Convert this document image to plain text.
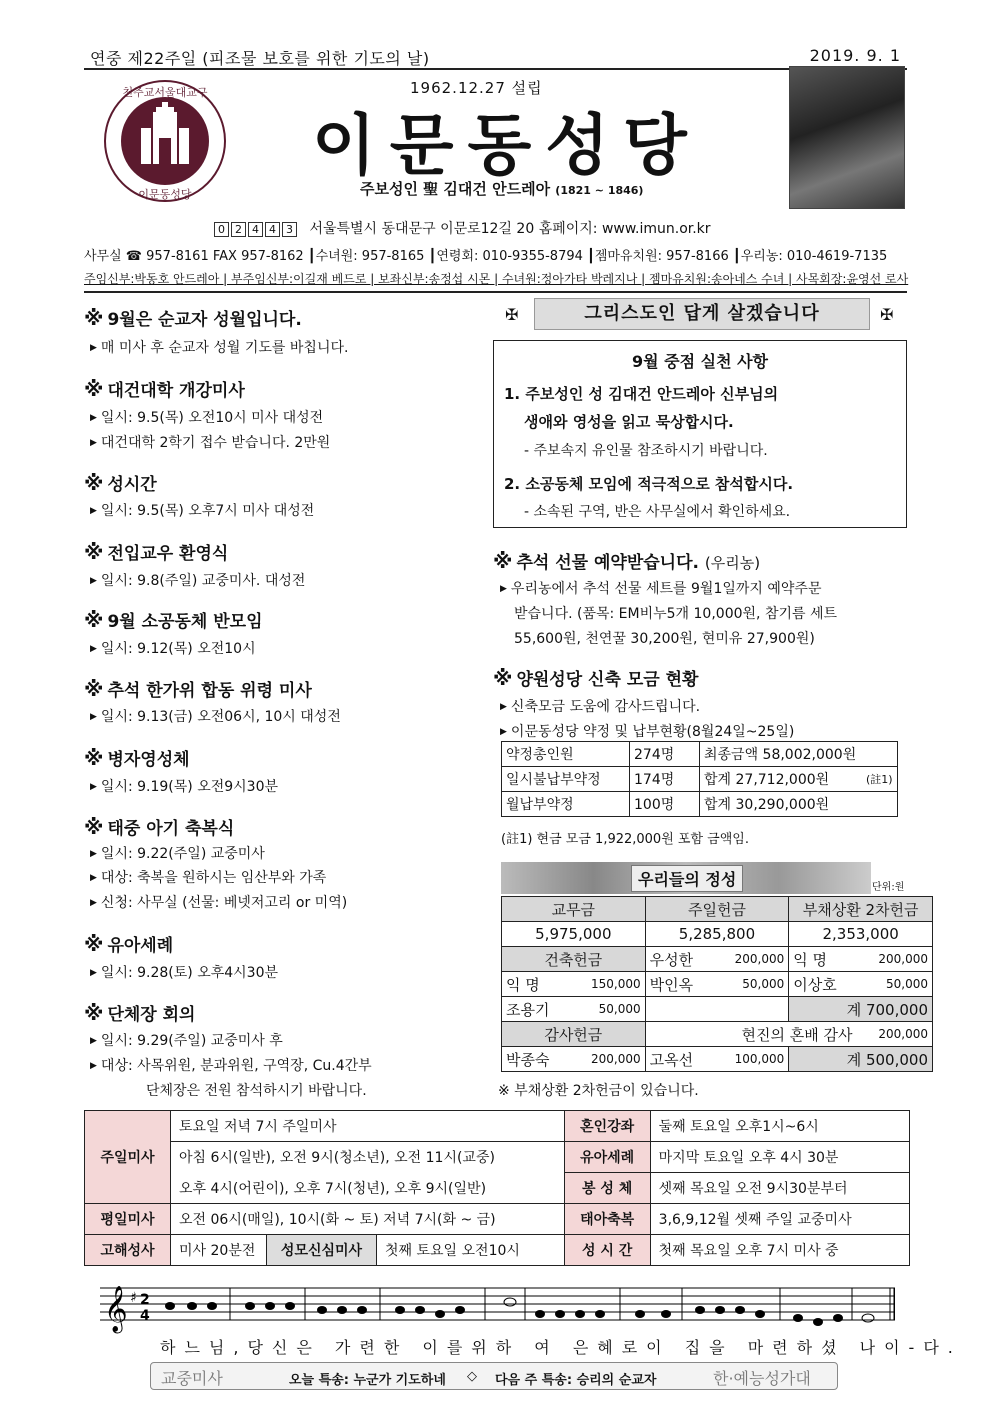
연중 제22주일 (피조물 보호를 위한 기도의 날)	2019. 9. 1
천주교서울대교구
이문동성당
1962.12.27 설립
이문동성당
주보성인 聖 김대건 안드레아 (1821 ~ 1846)
0 2 4 4 3 서울특별시 동대문구 이문로12길 20 홈페이지: www.imun.or.kr
사무실 ☎ 957-8161 FAX 957-8162 ┃수녀원: 957-8165 ┃연령회: 010-9355-8794 ┃젬마유치원: 957-8166 ┃우리농: 010-4619-7135
주임신부:박동호 안드레아 | 부주임신부:이길재 베드로 | 보좌신부:송정섭 시몬 | 수녀원:정아가타 박레지나 | 젬마유치원:송아네스 수녀 | 사목회장:윤영선 로사
※ 9월은 순교자 성월입니다.
▶ 매 미사 후 순교자 성월 기도를 바칩니다.
※ 대건대학 개강미사
▶ 일시: 9.5(목) 오전10시 미사 대성전
▶ 대건대학 2학기 접수 받습니다. 2만원
※ 성시간
▶ 일시: 9.5(목) 오후7시 미사 대성전
※ 전입교우 환영식
▶ 일시: 9.8(주일) 교중미사. 대성전
※ 9월 소공동체 반모임
▶ 일시: 9.12(목) 오전10시
※ 추석 한가위 합동 위령 미사
▶ 일시: 9.13(금) 오전06시, 10시 대성전
※ 병자영성체
▶ 일시: 9.19(목) 오전9시30분
※ 태중 아기 축복식
▶ 일시: 9.22(주일) 교중미사
▶ 대상: 축복을 원하시는 임산부와 가족
▶ 신청: 사무실 (선물: 베넷저고리 or 미역)
※ 유아세례
▶ 일시: 9.28(토) 오후4시30분
※ 단체장 회의
▶ 일시: 9.29(주일) 교중미사 후
▶ 대상: 사목위원, 분과위원, 구역장, Cu.4간부
단체장은 전원 참석하시기 바랍니다.
✠	그리스도인 답게 살겠습니다	✠
9월 중점 실천 사항
1. 주보성인 성 김대건 안드레아 신부님의
생애와 영성을 읽고 묵상합시다.
- 주보속지 유인물 참조하시기 바랍니다.
2. 소공동체 모임에 적극적으로 참석합시다.
- 소속된 구역, 반은 사무실에서 확인하세요.
※ 추석 선물 예약받습니다. (우리농)
▶ 우리농에서 추석 선물 세트를 9월1일까지 예약주문
받습니다. (품목: EM비누5개 10,000원, 참기름 세트
55,600원, 천연꿀 30,200원, 현미유 27,900원)
※ 양원성당 신축 모금 현황
▶ 신축모금 도움에 감사드립니다.
▶ 이문동성당 약정 및 납부현황(8월24일~25일)
약정총인원	274명	최종금액 58,002,000원	
일시불납부약정	174명	합계 27,712,000원	(註1)
월납부약정	100명	합계 30,290,000원	
(註1) 현금 모금 1,922,000원 포함 금액임.
우리들의 정성	단위:원
교무금		주일헌금		부채상환 2차헌금	
5,975,000		5,285,800		2,353,000	
건축헌금		우성한	200,000	익 명	200,000
익 명	150,000	박인옥	50,000	이상호	50,000
조용기	50,000			계 700,000	
감사헌금		현진의 혼배 감사			200,000
박종숙	200,000	고옥선	100,000	계 500,000	
※ 부채상환 2차헌금이 있습니다.
주일미사	토요일 저녁 7시 주일미사			혼인강좌	둘째 토요일 오후1시~6시
	아침 6시(일반), 오전 9시(청소년), 오전 11시(교중)			유아세례	마지막 토요일 오후 4시 30분
	오후 4시(어린이), 오후 7시(청년), 오후 9시(일반)			봉 성 체	셋째 목요일 오전 9시30분부터
평일미사	오전 06시(매일), 10시(화 ~ 토) 저녁 7시(화 ~ 금)			태아축복	3,6,9,12월 셋째 주일 교중미사
고해성사	미사 20분전	성모신심미사	첫째 토요일 오전10시	성 시 간	첫째 목요일 오후 7시 미사 중
𝄞 ♯ 2
4
하느님,당신은 가련한 이를위하 여 은혜로이 집을 마련하셨 나이-다.
교중미사	오늘 특송: 누군가 기도하네 ◇ 다음 주 특송: 승리의 순교자	한·예능성가대
